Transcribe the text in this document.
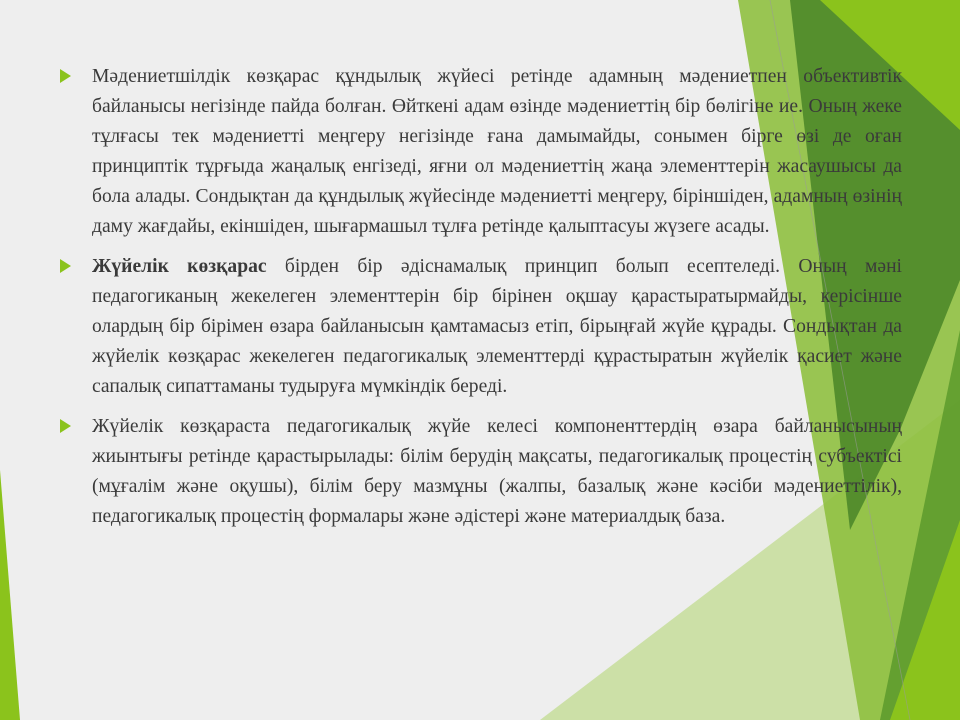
Мәдениетшілдік көзқарас құндылық жүйесі ретінде адамның мәдениетпен объективтік байланысы негізінде пайда болған. Өйткені адам өзінде мәдениеттің бір бөлігіне ие. Оның жеке тұлғасы тек мәдениетті меңгеру негізінде ғана дамымайды, сонымен бірге өзі де оған принциптік тұрғыда жаңалық енгізеді, яғни ол мәдениеттің жаңа элементтерін жасаушысы да бола алады. Сондықтан да құндылық жүйесінде мәдениетті меңгеру, біріншіден, адамның өзінің даму жағдайы, екіншіден, шығармашыл тұлға ретінде қалыптасуы жүзеге асады.
Жүйелік көзқарас бірден бір әдіснамалық принцип болып есептеледі. Оның мәні педагогиканың жекелеген элементтерін бір бірінен оқшау қарастыратырмайды, керісінше олардың бір бірімен өзара байланысын қамтамасыз етіп, бірыңғай жүйе құрады. Сондықтан да жүйелік көзқарас жекелеген педагогикалық элементтерді құрастыратын жүйелік қасиет және сапалық сипаттаманы тудыруға мүмкіндік береді.
Жүйелік көзқараста педагогикалық жүйе келесі компоненттердің өзара байланысының жиынтығы ретінде қарастырылады: білім берудің мақсаты, педагогикалық процестің субъектісі (мұғалім және оқушы), білім беру мазмұны (жалпы, базалық және кәсіби мәдениеттілік), педагогикалық процестің формалары және әдістері және материалдық база.
